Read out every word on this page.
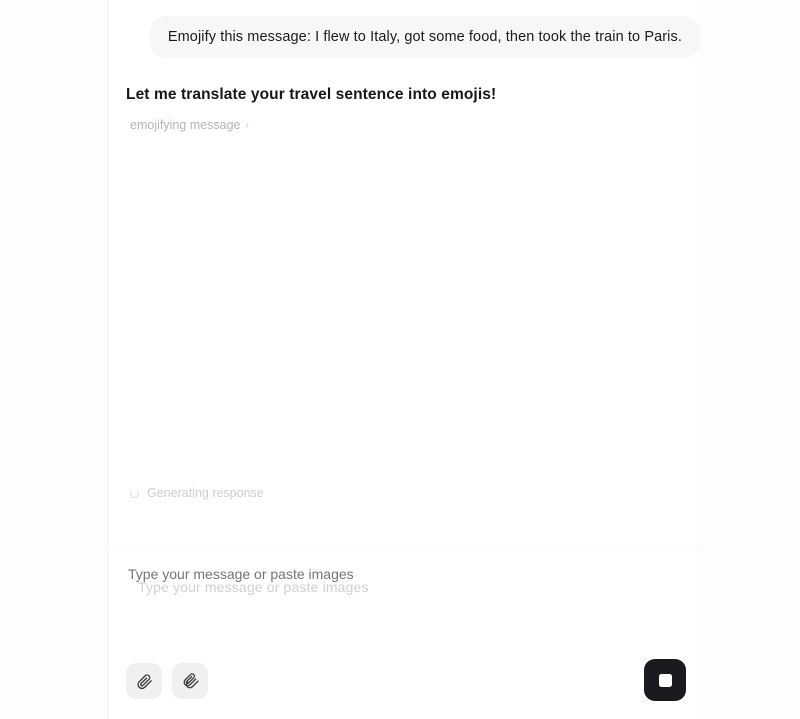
Emojify this message: I flew to Italy, got some food, then took the train to Paris.
Let me translate your travel sentence into emojis!
emojifying message ›
Generating response
Type your message or paste images
Type your message or paste images
